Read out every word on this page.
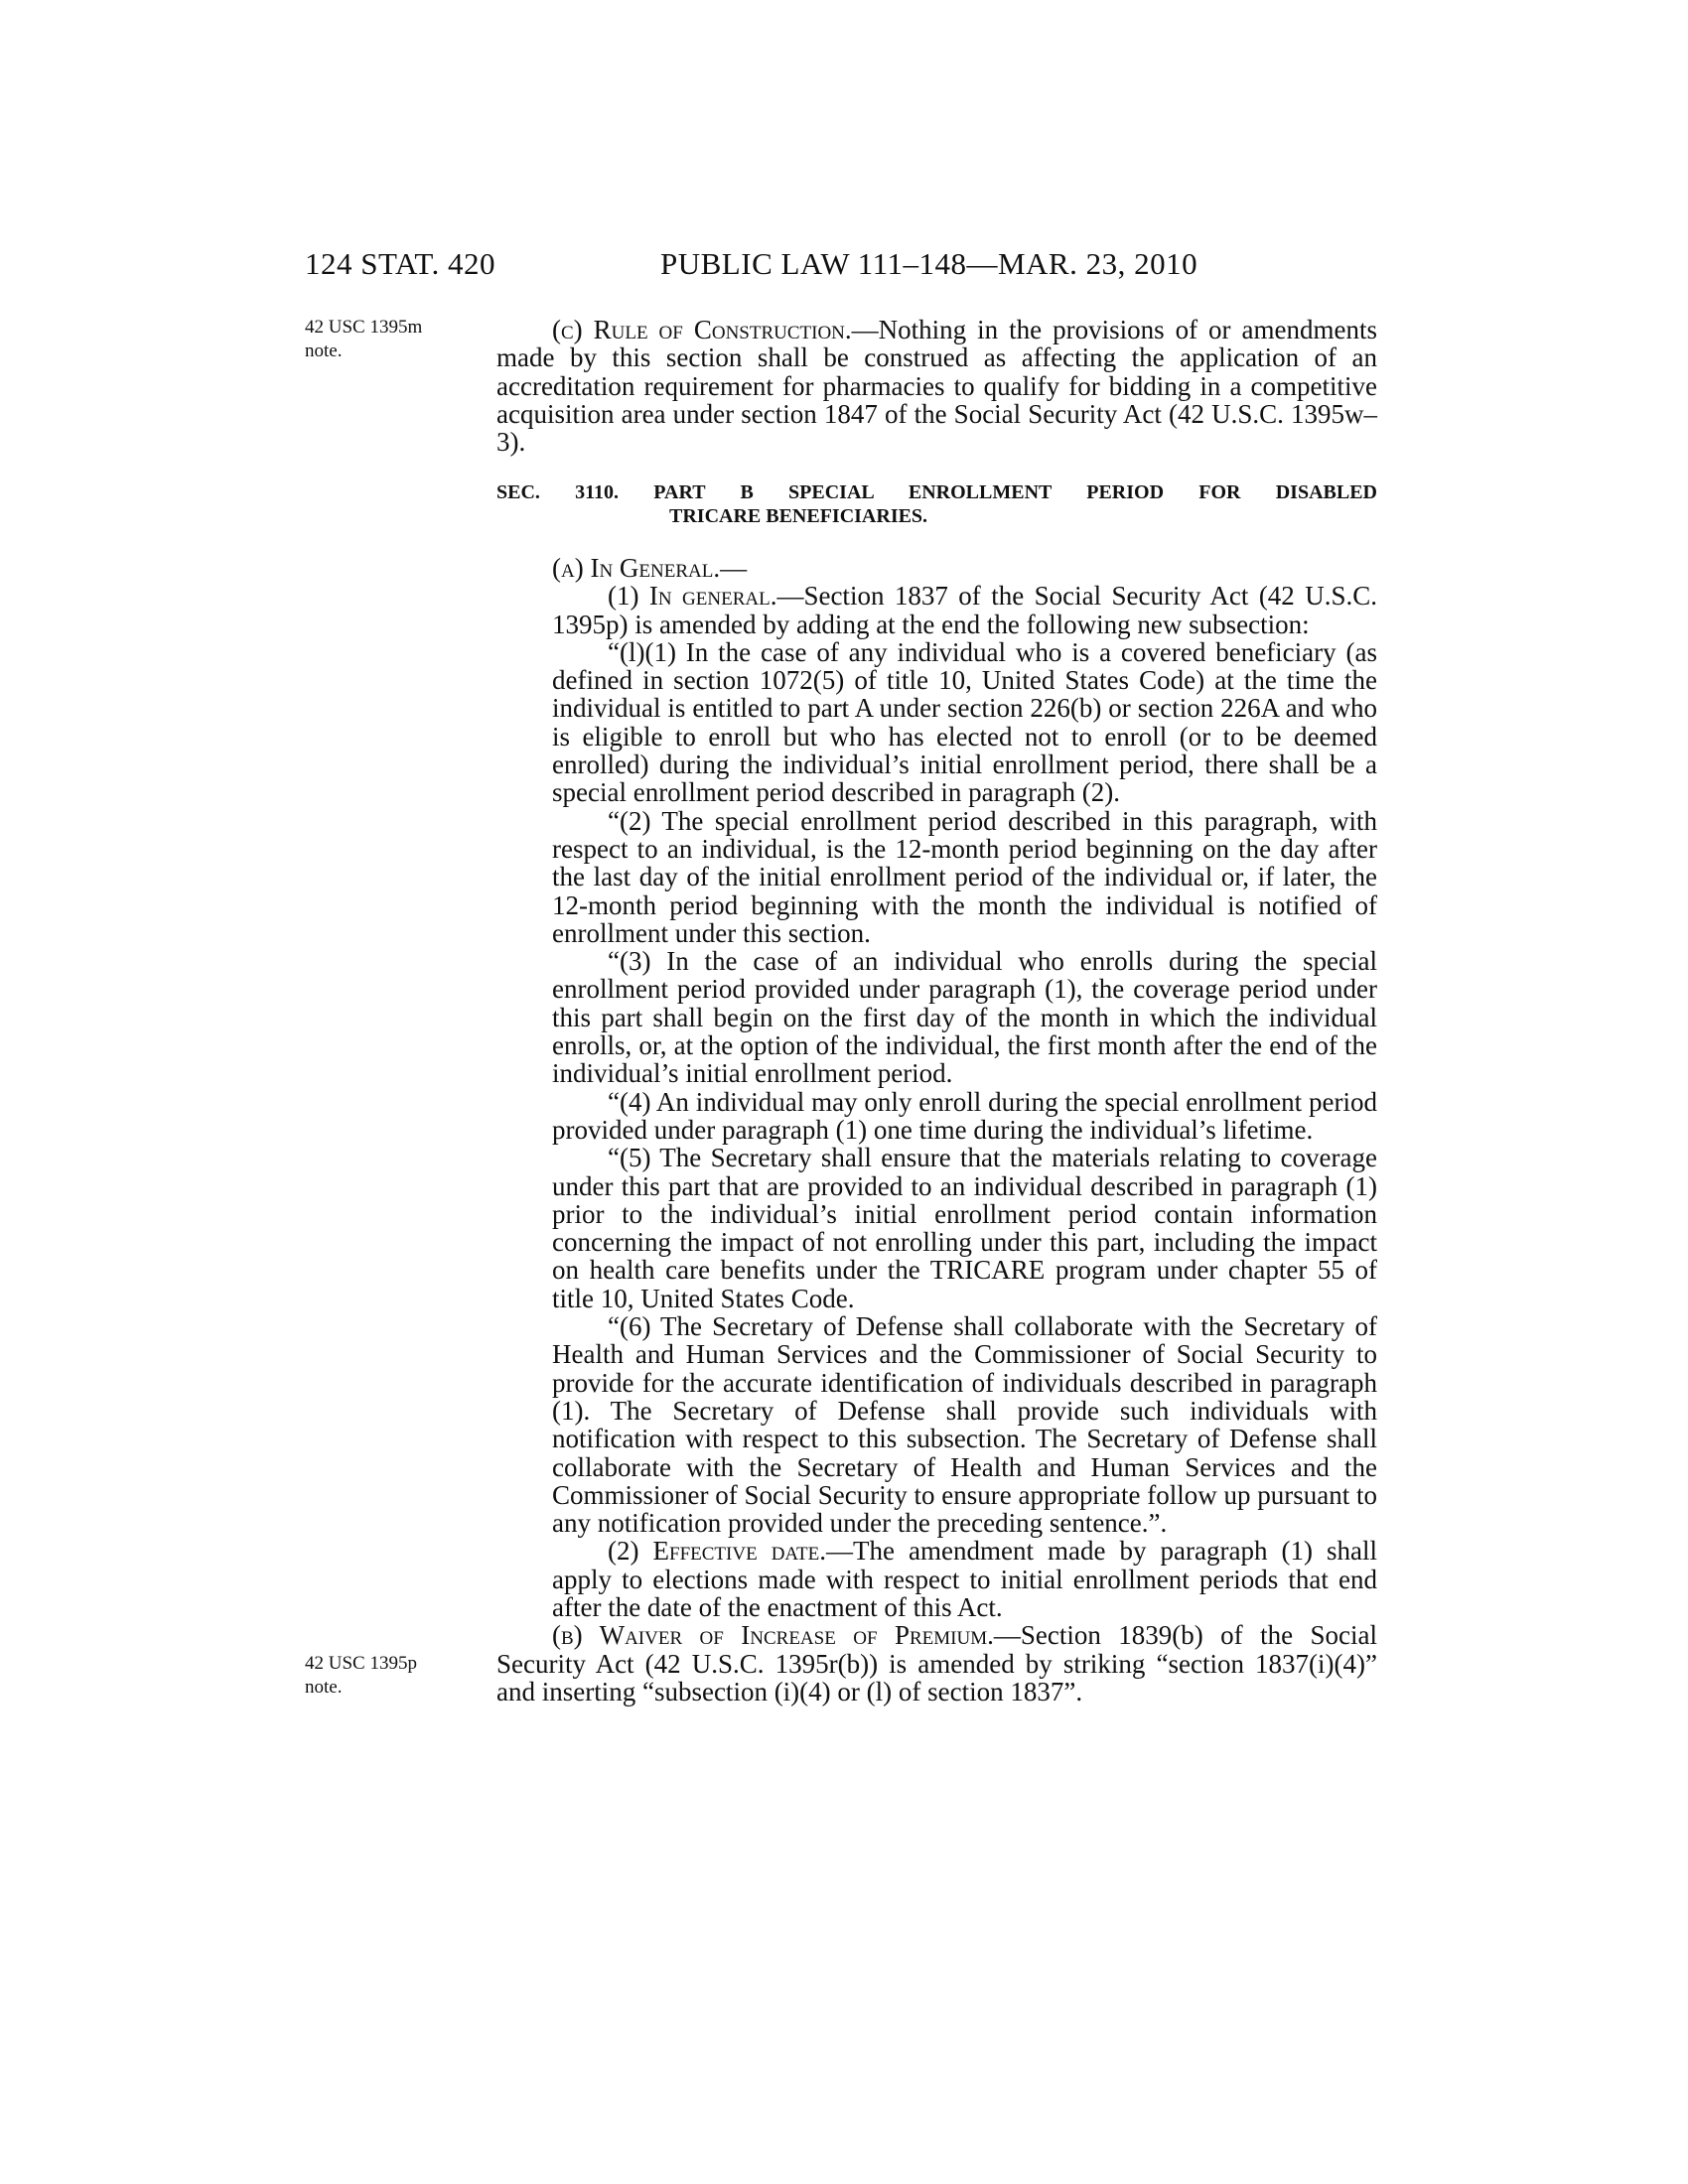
124 STAT. 420	PUBLIC LAW 111–148—MAR. 23, 2010
42 USC 1395m
note.

(c) Rule of Construction.—Nothing in the provisions of or amendments made by this section shall be construed as affecting the application of an accreditation requirement for pharmacies to qualify for bidding in a competitive acquisition area under section 1847 of the Social Security Act (42 U.S.C. 1395w–3).

SEC. 3110. PART B SPECIAL ENROLLMENT PERIOD FOR DISABLED
TRICARE BENEFICIARIES.

(a) In General.—

(1) In general.—Section 1837 of the Social Security Act (42 U.S.C. 1395p) is amended by adding at the end the following new subsection:

“(l)(1) In the case of any individual who is a covered beneficiary (as defined in section 1072(5) of title 10, United States Code) at the time the individual is entitled to part A under section 226(b) or section 226A and who is eligible to enroll but who has elected not to enroll (or to be deemed enrolled) during the individual’s initial enrollment period, there shall be a special enrollment period described in paragraph (2).

“(2) The special enrollment period described in this paragraph, with respect to an individual, is the 12-month period beginning on the day after the last day of the initial enrollment period of the individual or, if later, the 12-month period beginning with the month the individual is notified of enrollment under this section.

“(3) In the case of an individual who enrolls during the special enrollment period provided under paragraph (1), the coverage period under this part shall begin on the first day of the month in which the individual enrolls, or, at the option of the individual, the first month after the end of the individual’s initial enrollment period.

“(4) An individual may only enroll during the special enrollment period provided under paragraph (1) one time during the individual’s lifetime.

“(5) The Secretary shall ensure that the materials relating to coverage under this part that are provided to an individual described in paragraph (1) prior to the individual’s initial enrollment period contain information concerning the impact of not enrolling under this part, including the impact on health care benefits under the TRICARE program under chapter 55 of title 10, United States Code.

“(6) The Secretary of Defense shall collaborate with the Secretary of Health and Human Services and the Commissioner of Social Security to provide for the accurate identification of individuals described in paragraph (1). The Secretary of Defense shall provide such individuals with notification with respect to this subsection. The Secretary of Defense shall collaborate with the Secretary of Health and Human Services and the Commissioner of Social Security to ensure appropriate follow up pursuant to any notification provided under the preceding sentence.”.

(2) Effective date.—The amendment made by paragraph (1) shall apply to elections made with respect to initial enrollment periods that end after the date of the enactment of this Act.

(b) Waiver of Increase of Premium.—Section 1839(b) of the Social Security Act (42 U.S.C. 1395r(b)) is amended by striking “section 1837(i)(4)” and inserting “subsection (i)(4) or (l) of section 1837”.

42 USC 1395p
note.
